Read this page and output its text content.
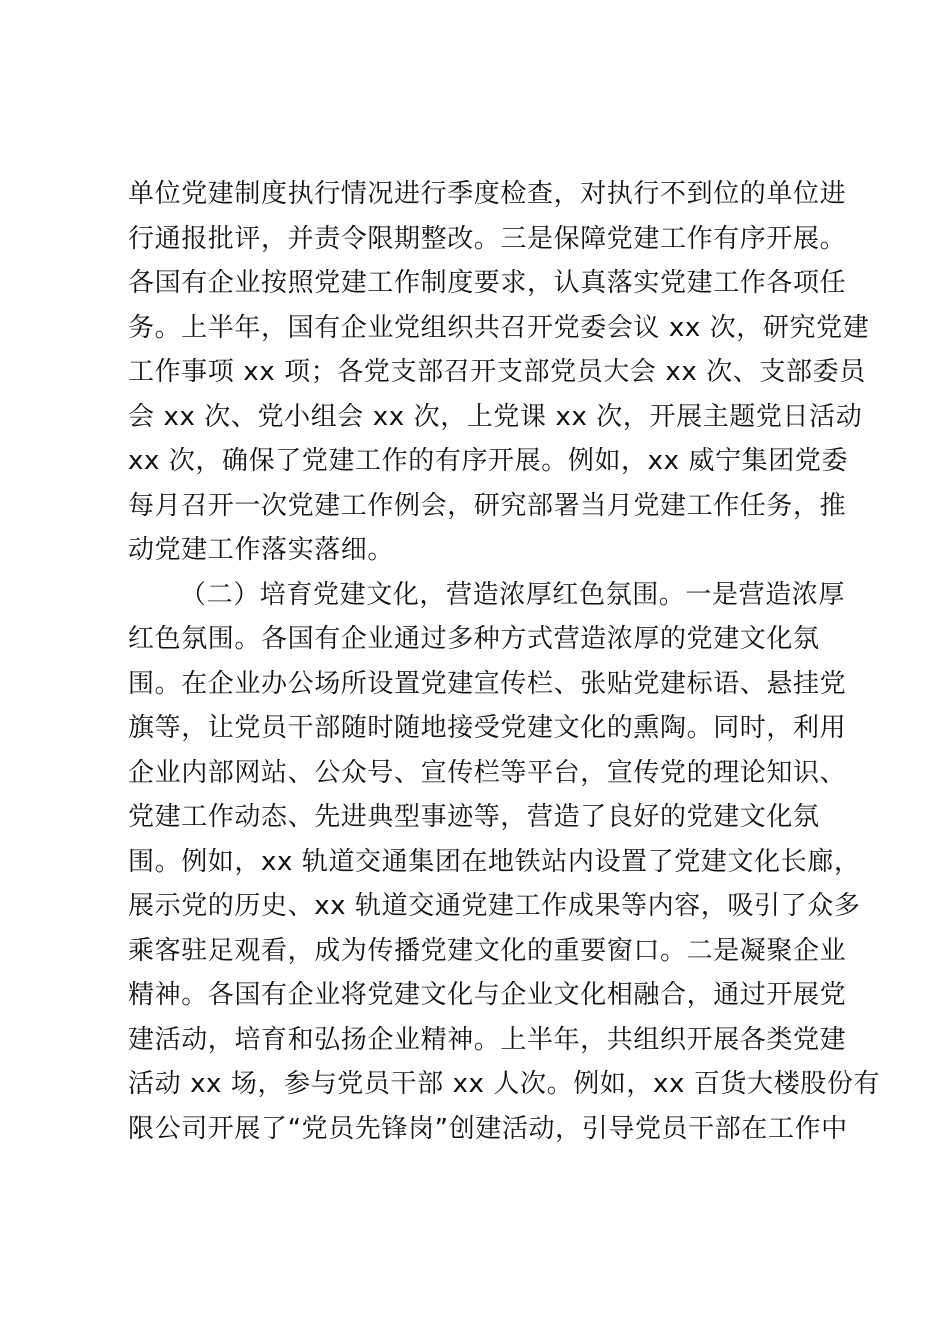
单位党建制度执行情况进行季度检查，对执行不到位的单位进
行通报批评，并责令限期整改。三是保障党建工作有序开展。
各国有企业按照党建工作制度要求，认真落实党建工作各项任
务。上半年，国有企业党组织共召开党委会议 xx 次，研究党建
工作事项 xx 项；各党支部召开支部党员大会 xx 次、支部委员
会 xx 次、党小组会 xx 次，上党课 xx 次，开展主题党日活动
xx 次，确保了党建工作的有序开展。例如，xx 威宁集团党委
每月召开一次党建工作例会，研究部署当月党建工作任务，推
动党建工作落实落细。
（二）培育党建文化，营造浓厚红色氛围。一是营造浓厚
红色氛围。各国有企业通过多种方式营造浓厚的党建文化氛
围。在企业办公场所设置党建宣传栏、张贴党建标语、悬挂党
旗等，让党员干部随时随地接受党建文化的熏陶。同时，利用
企业内部网站、公众号、宣传栏等平台，宣传党的理论知识、
党建工作动态、先进典型事迹等，营造了良好的党建文化氛
围。例如，xx 轨道交通集团在地铁站内设置了党建文化长廊，
展示党的历史、xx 轨道交通党建工作成果等内容，吸引了众多
乘客驻足观看，成为传播党建文化的重要窗口。二是凝聚企业
精神。各国有企业将党建文化与企业文化相融合，通过开展党
建活动，培育和弘扬企业精神。上半年，共组织开展各类党建
活动 xx 场，参与党员干部 xx 人次。例如，xx 百货大楼股份有
限公司开展了“党员先锋岗”创建活动，引导党员干部在工作中
